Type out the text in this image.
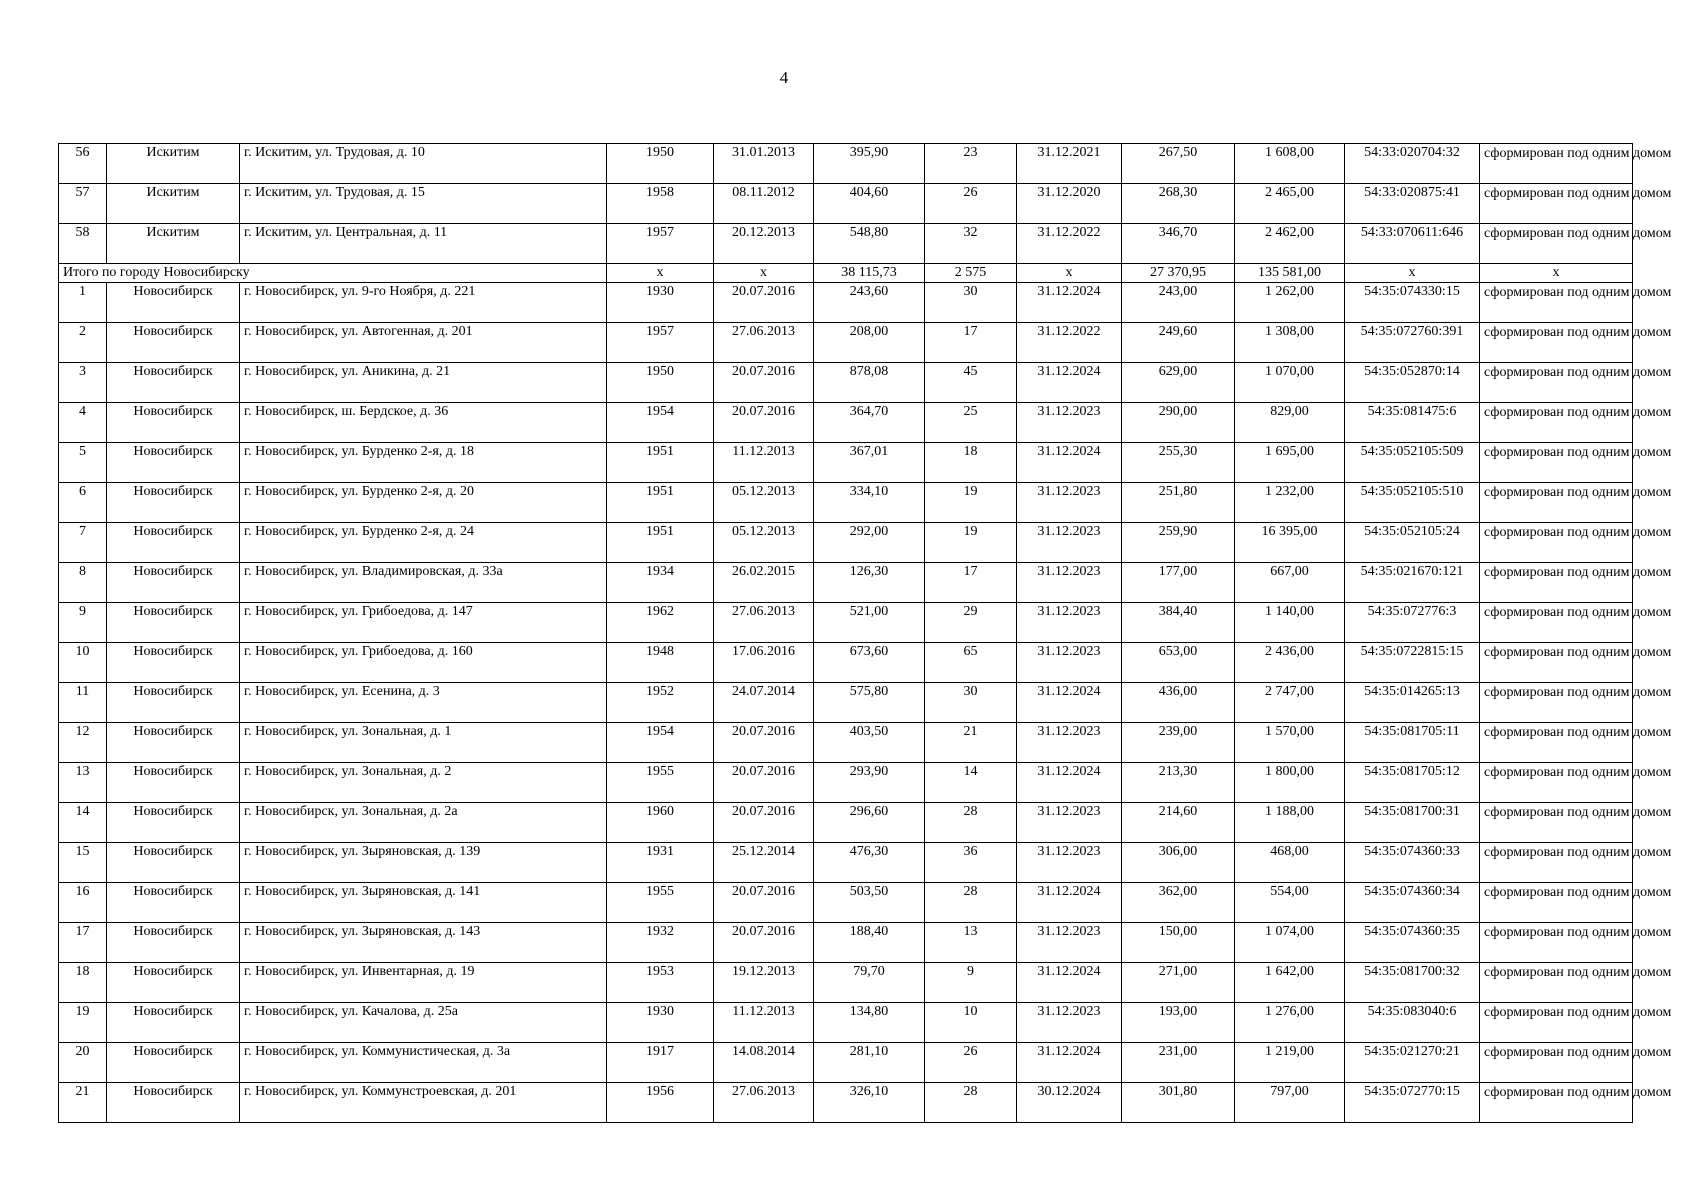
4
56	Искитим	г. Искитим, ул. Трудовая, д. 10	1950	31.01.2013	395,90	23	31.12.2021	267,50	1 608,00	54:33:020704:32	сформирован под одним домом
57	Искитим	г. Искитим, ул. Трудовая, д. 15	1958	08.11.2012	404,60	26	31.12.2020	268,30	2 465,00	54:33:020875:41	сформирован под одним домом
58	Искитим	г. Искитим, ул. Центральная, д. 11	1957	20.12.2013	548,80	32	31.12.2022	346,70	2 462,00	54:33:070611:646	сформирован под одним домом
Итого по городу Новосибирску			х	х	38 115,73	2 575	х	27 370,95	135 581,00	х	х
1	Новосибирск	г. Новосибирск, ул. 9-го Ноября, д. 221	1930	20.07.2016	243,60	30	31.12.2024	243,00	1 262,00	54:35:074330:15	сформирован под одним домом
2	Новосибирск	г. Новосибирск, ул. Автогенная, д. 201	1957	27.06.2013	208,00	17	31.12.2022	249,60	1 308,00	54:35:072760:391	сформирован под одним домом
3	Новосибирск	г. Новосибирск, ул. Аникина, д. 21	1950	20.07.2016	878,08	45	31.12.2024	629,00	1 070,00	54:35:052870:14	сформирован под одним домом
4	Новосибирск	г. Новосибирск, ш. Бердское, д. 36	1954	20.07.2016	364,70	25	31.12.2023	290,00	829,00	54:35:081475:6	сформирован под одним домом
5	Новосибирск	г. Новосибирск, ул. Бурденко 2-я, д. 18	1951	11.12.2013	367,01	18	31.12.2024	255,30	1 695,00	54:35:052105:509	сформирован под одним домом
6	Новосибирск	г. Новосибирск, ул. Бурденко 2-я, д. 20	1951	05.12.2013	334,10	19	31.12.2023	251,80	1 232,00	54:35:052105:510	сформирован под одним домом
7	Новосибирск	г. Новосибирск, ул. Бурденко 2-я, д. 24	1951	05.12.2013	292,00	19	31.12.2023	259,90	16 395,00	54:35:052105:24	сформирован под одним домом
8	Новосибирск	г. Новосибирск, ул. Владимировская, д. 33а	1934	26.02.2015	126,30	17	31.12.2023	177,00	667,00	54:35:021670:121	сформирован под одним домом
9	Новосибирск	г. Новосибирск, ул. Грибоедова, д. 147	1962	27.06.2013	521,00	29	31.12.2023	384,40	1 140,00	54:35:072776:3	сформирован под одним домом
10	Новосибирск	г. Новосибирск, ул. Грибоедова, д. 160	1948	17.06.2016	673,60	65	31.12.2023	653,00	2 436,00	54:35:0722815:15	сформирован под одним домом
11	Новосибирск	г. Новосибирск, ул. Есенина, д. 3	1952	24.07.2014	575,80	30	31.12.2024	436,00	2 747,00	54:35:014265:13	сформирован под одним домом
12	Новосибирск	г. Новосибирск, ул. Зональная, д. 1	1954	20.07.2016	403,50	21	31.12.2023	239,00	1 570,00	54:35:081705:11	сформирован под одним домом
13	Новосибирск	г. Новосибирск, ул. Зональная, д. 2	1955	20.07.2016	293,90	14	31.12.2024	213,30	1 800,00	54:35:081705:12	сформирован под одним домом
14	Новосибирск	г. Новосибирск, ул. Зональная, д. 2а	1960	20.07.2016	296,60	28	31.12.2023	214,60	1 188,00	54:35:081700:31	сформирован под одним домом
15	Новосибирск	г. Новосибирск, ул. Зыряновская, д. 139	1931	25.12.2014	476,30	36	31.12.2023	306,00	468,00	54:35:074360:33	сформирован под одним домом
16	Новосибирск	г. Новосибирск, ул. Зыряновская, д. 141	1955	20.07.2016	503,50	28	31.12.2024	362,00	554,00	54:35:074360:34	сформирован под одним домом
17	Новосибирск	г. Новосибирск, ул. Зыряновская, д. 143	1932	20.07.2016	188,40	13	31.12.2023	150,00	1 074,00	54:35:074360:35	сформирован под одним домом
18	Новосибирск	г. Новосибирск, ул. Инвентарная, д. 19	1953	19.12.2013	79,70	9	31.12.2024	271,00	1 642,00	54:35:081700:32	сформирован под одним домом
19	Новосибирск	г. Новосибирск, ул. Качалова, д. 25а	1930	11.12.2013	134,80	10	31.12.2023	193,00	1 276,00	54:35:083040:6	сформирован под одним домом
20	Новосибирск	г. Новосибирск, ул. Коммунистическая, д. 3а	1917	14.08.2014	281,10	26	31.12.2024	231,00	1 219,00	54:35:021270:21	сформирован под одним домом
21	Новосибирск	г. Новосибирск, ул. Коммунстроевская, д. 201	1956	27.06.2013	326,10	28	30.12.2024	301,80	797,00	54:35:072770:15	сформирован под одним домом
